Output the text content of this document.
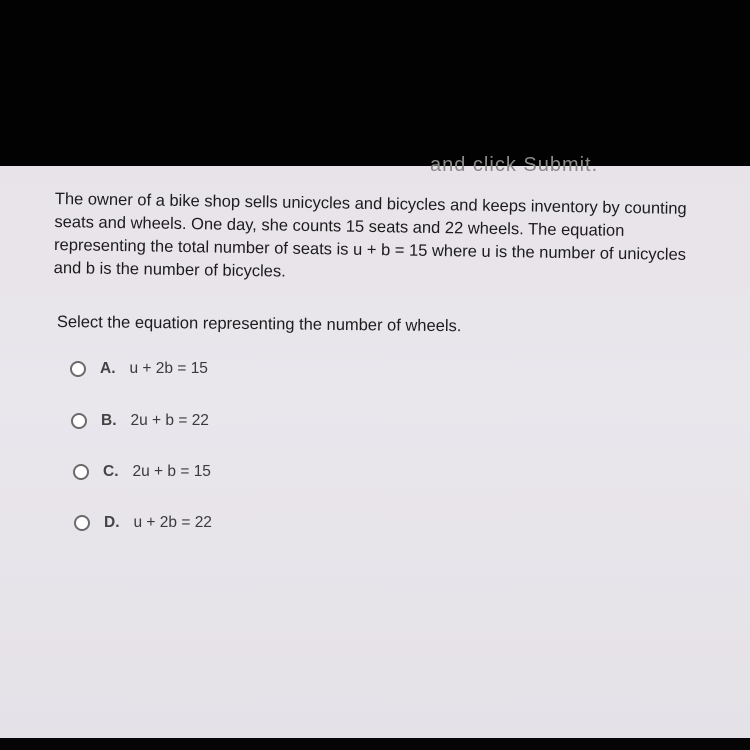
and click Submit.
The owner of a bike shop sells unicycles and bicycles and keeps inventory by counting seats and wheels. One day, she counts 15 seats and 22 wheels. The equation representing the total number of seats is u + b = 15 where u is the number of unicycles and b is the number of bicycles.
Select the equation representing the number of wheels.
A. u + 2b = 15
B. 2u + b = 22
C. 2u + b = 15
D. u + 2b = 22
